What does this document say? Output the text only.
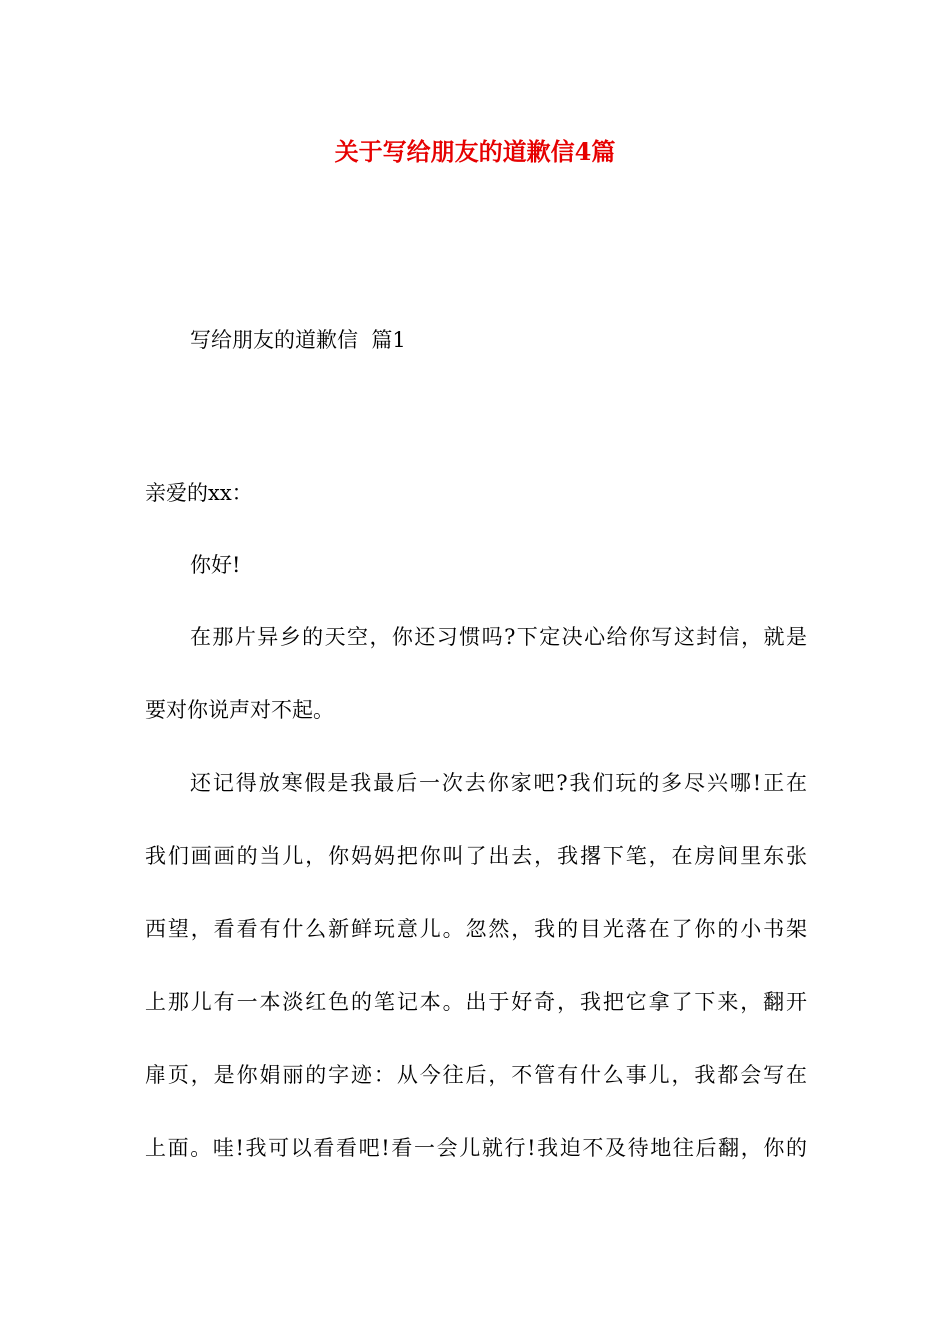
关于写给朋友的道歉信4篇
写给朋友的道歉信  篇1
亲爱的xx：
你好!
在那片异乡的天空，你还习惯吗?下定决心给你写这封信，就是
要对你说声对不起。
还记得放寒假是我最后一次去你家吧?我们玩的多尽兴哪!正在
我们画画的当儿，你妈妈把你叫了出去，我撂下笔，在房间里东张
西望，看看有什么新鲜玩意儿。忽然，我的目光落在了你的小书架
上那儿有一本淡红色的笔记本。出于好奇，我把它拿了下来，翻开
扉页，是你娟丽的字迹：从今往后，不管有什么事儿，我都会写在
上面。哇!我可以看看吧!看一会儿就行!我迫不及待地往后翻，你的
